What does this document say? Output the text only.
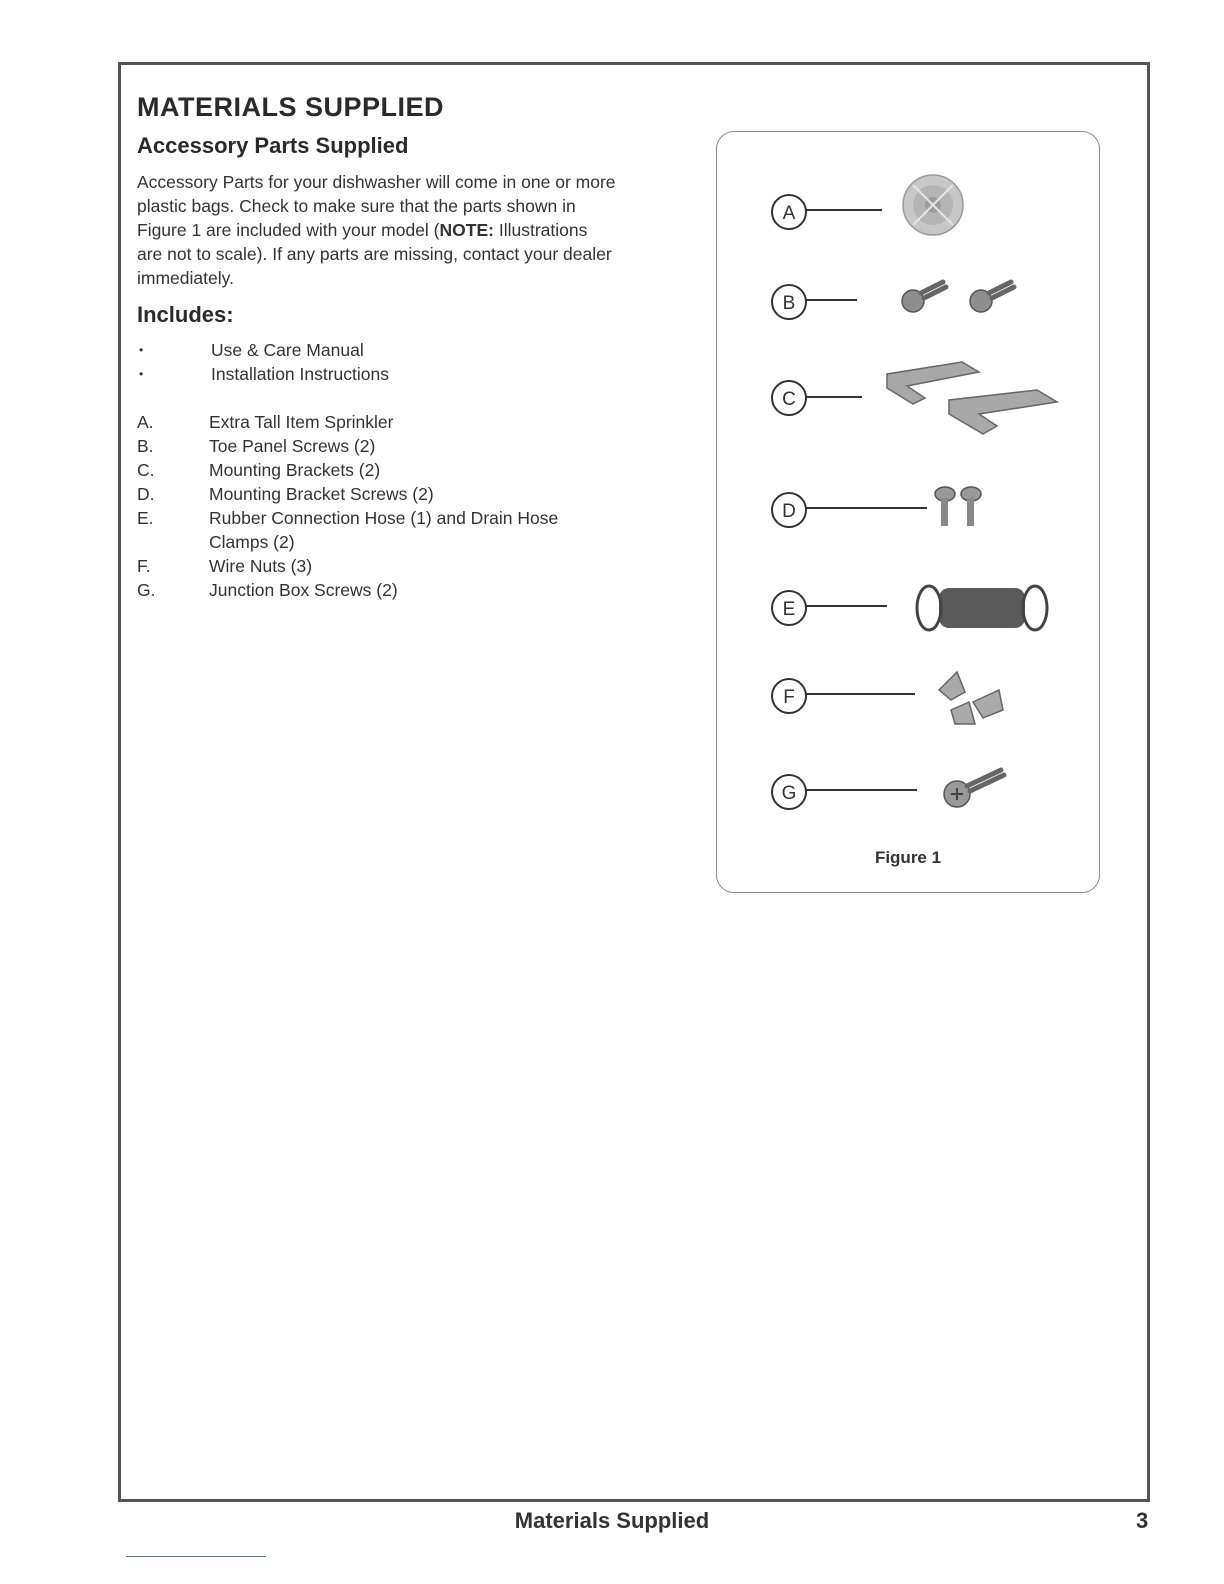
MATERIALS SUPPLIED
Accessory Parts Supplied

Accessory Parts for your dishwasher will come in one or more plastic bags. Check to make sure that the parts shown in Figure 1 are included with your model (NOTE: Illustrations are not to scale). If any parts are missing, contact your dealer immediately.

Includes:
•	Use & Care Manual
•	Installation Instructions
A.	Extra Tall Item Sprinkler
B.	Toe Panel Screws (2)
C.	Mounting Brackets (2)
D.	Mounting Bracket Screws (2)
E.	Rubber Connection Hose (1) and Drain Hose Clamps (2)
F.	Wire Nuts (3)
G.	Junction Box Screws (2)
A
B
C
D
E
F
G
Figure 1
Materials Supplied	3
